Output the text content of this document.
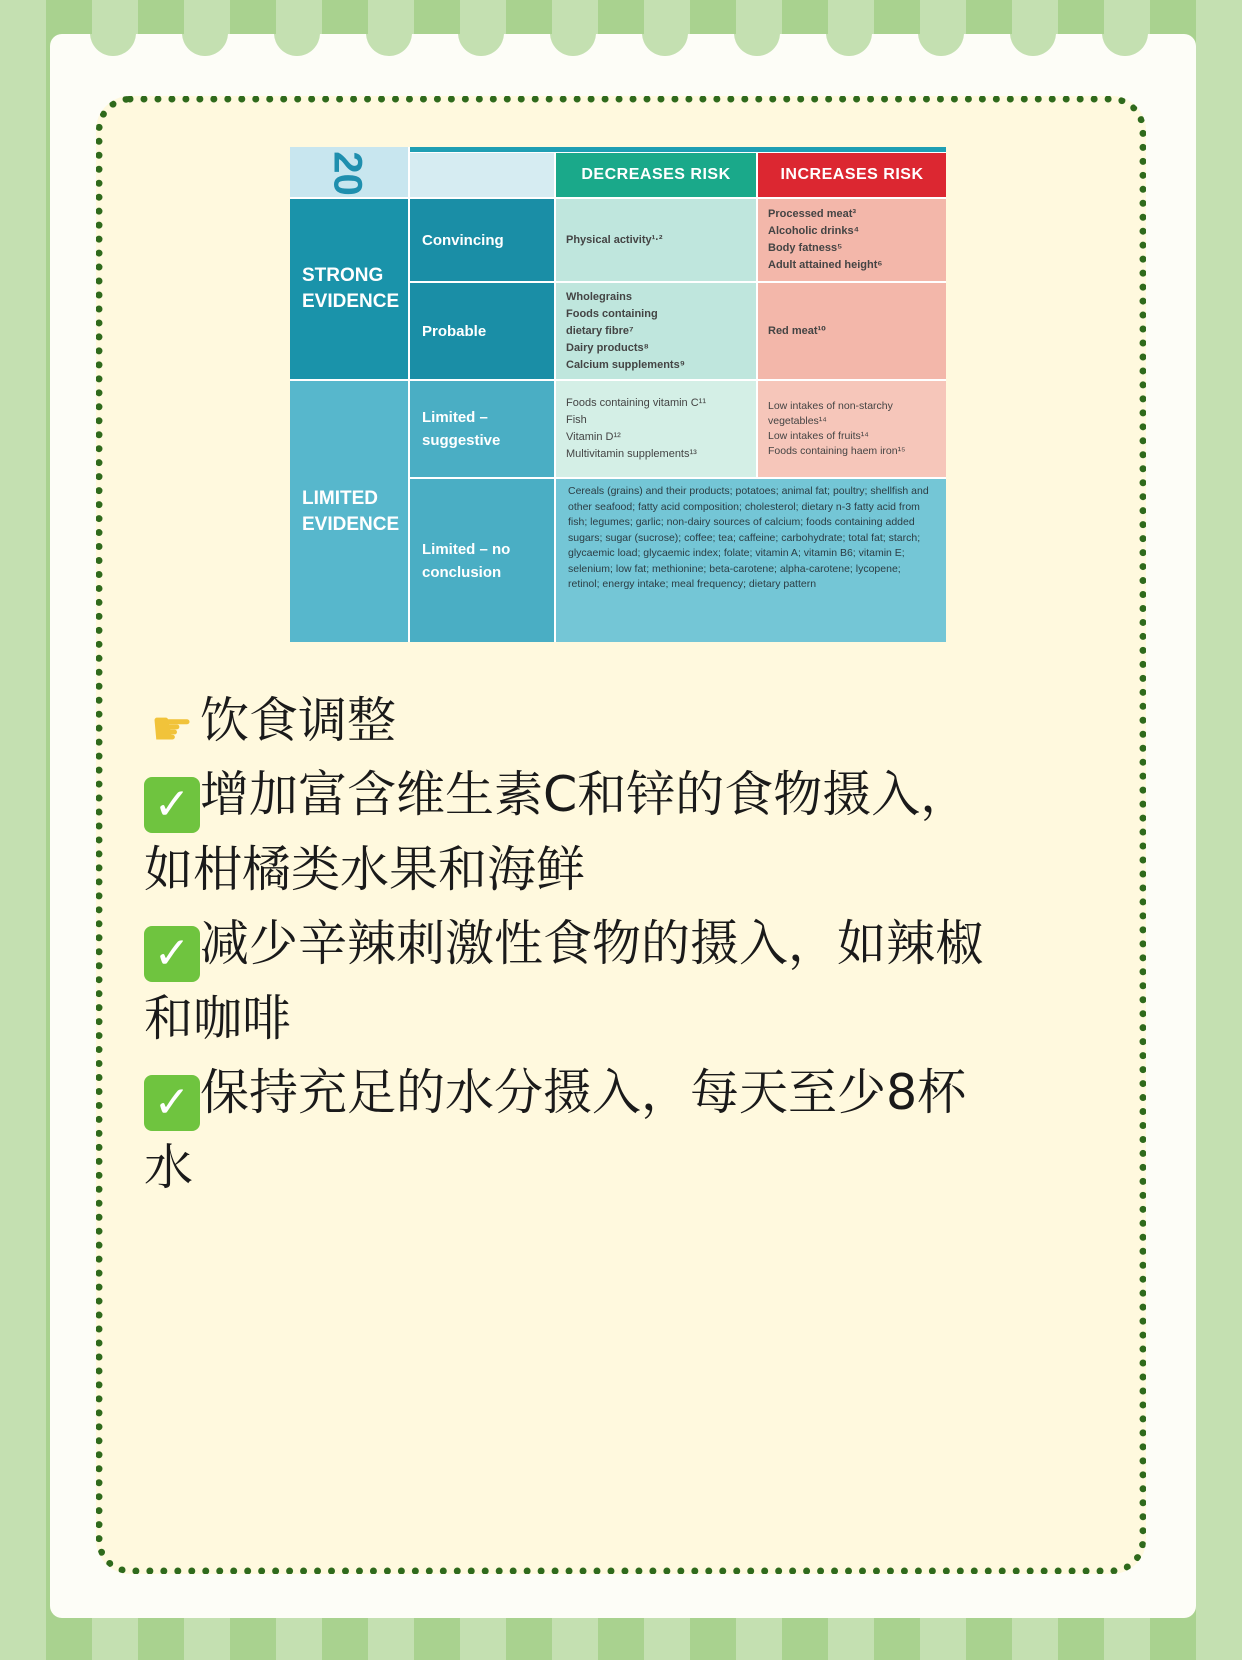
20	DECREASES RISK	INCREASES RISK
STRONG EVIDENCE
LIMITED EVIDENCE
Convincing
Probable
Limited – suggestive
Limited – no conclusion
Physical activity¹·²
Processed meat³
Alcoholic drinks⁴
Body fatness⁵
Adult attained height⁶
Wholegrains
Foods containing dietary fibre⁷
Dairy products⁸
Calcium supplements⁹
Red meat¹⁰
Foods containing vitamin C¹¹
Fish
Vitamin D¹²
Multivitamin supplements¹³
Low intakes of non-starchy vegetables¹⁴
Low intakes of fruits¹⁴
Foods containing haem iron¹⁵
Cereals (grains) and their products; potatoes; animal fat; poultry; shellfish and other seafood; fatty acid composition; cholesterol; dietary n-3 fatty acid from fish; legumes; garlic; non-dairy sources of calcium; foods containing added sugars; sugar (sucrose); coffee; tea; caffeine; carbohydrate; total fat; starch; glycaemic load; glycaemic index; folate; vitamin A; vitamin B6; vitamin E; selenium; low fat; methionine; beta-carotene; alpha-carotene; lycopene; retinol; energy intake; meal frequency; dietary pattern
☛ 饮食调整
✓ 增加富含维生素C和锌的食物摄入，
如柑橘类水果和海鲜
✓ 减少辛辣刺激性食物的摄入，如辣椒
和咖啡
✓ 保持充足的水分摄入，每天至少8杯
水
